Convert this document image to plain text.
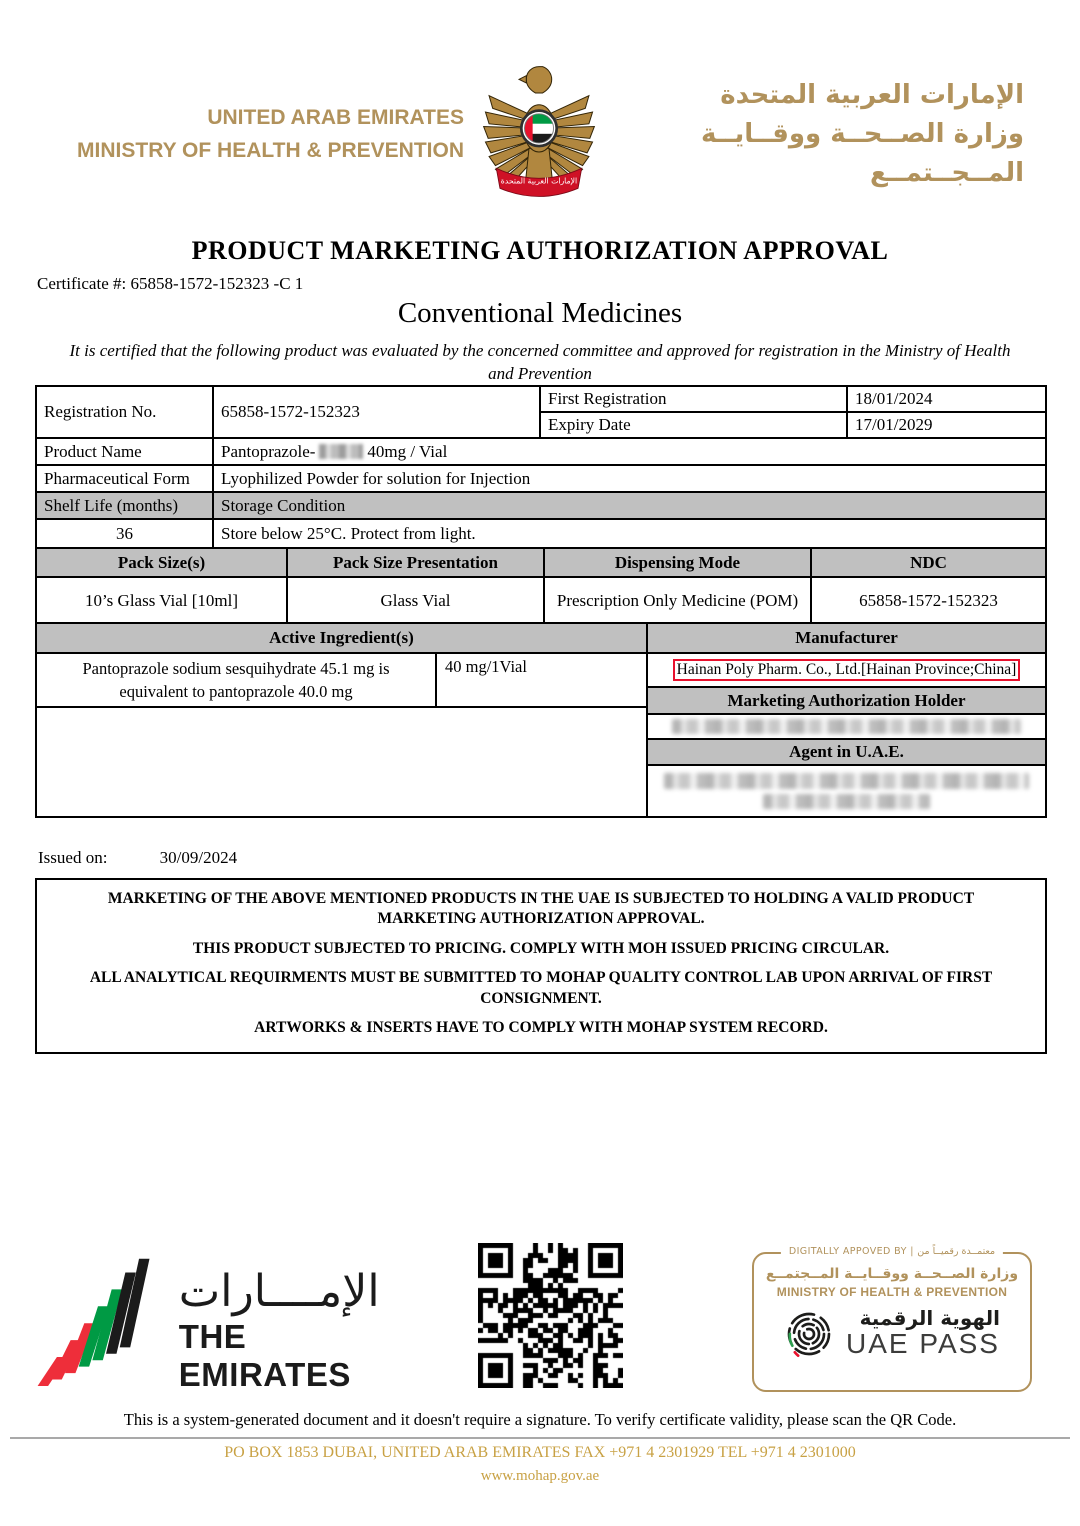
UNITED ARAB EMIRATES
MINISTRY OF HEALTH & PREVENTION
الإمارات العربية المتحدة
الإمارات العربية المتحدة
وزارة الصــحــة ووقــايــة المــجــتمــع
PRODUCT MARKETING AUTHORIZATION APPROVAL
Certificate #: 65858-1572-152323 -C 1
Conventional Medicines
It is certified that the following product was evaluated by the concerned committee and approved for registration in the Ministry of Health and Prevention
Registration No.	65858-1572-152323
First Registration	18/01/2024
Expiry Date	17/01/2029
Product Name	Pantoprazole-	40mg / Vial
Pharmaceutical Form	Lyophilized Powder for solution for Injection
Shelf Life (months)	Storage Condition
36	Store below 25°C. Protect from light.
Pack Size(s)	Pack Size Presentation	Dispensing Mode	NDC
10’s Glass Vial [10ml]	Glass Vial	Prescription Only Medicine (POM)	65858-1572-152323
Active Ingredient(s)	Manufacturer
Pantoprazole sodium sesquihydrate 45.1 mg is equivalent to pantoprazole 40.0 mg
40 mg/1Vial	Hainan Poly Pharm. Co., Ltd.[Hainan Province;China]
Marketing Authorization Holder
Agent in U.A.E.
Issued on:	30/09/2024

MARKETING OF THE ABOVE MENTIONED PRODUCTS IN THE UAE IS SUBJECTED TO HOLDING A VALID PRODUCT MARKETING AUTHORIZATION APPROVAL.

THIS PRODUCT SUBJECTED TO PRICING. COMPLY WITH MOH ISSUED PRICING CIRCULAR.

ALL ANALYTICAL REQUIRMENTS MUST BE SUBMITTED TO MOHAP QUALITY CONTROL LAB UPON ARRIVAL OF FIRST CONSIGNMENT.

ARTWORKS & INSERTS HAVE TO COMPLY WITH MOHAP SYSTEM RECORD.

الإمــــارات
THE EMIRATES
DIGITALLY APPOVED BY | معتمــدة رقميــاً من
وزارة الصــحــة ووقــايــة المــجتمــع
MINISTRY OF HEALTH & PREVENTION
الهوية الرقمية
UAE PASS
This is a system-generated document and it doesn't require a signature. To verify certificate validity, please scan the QR Code.
PO BOX 1853 DUBAI, UNITED ARAB EMIRATES FAX +971 4 2301929 TEL +971 4 2301000
www.mohap.gov.ae
